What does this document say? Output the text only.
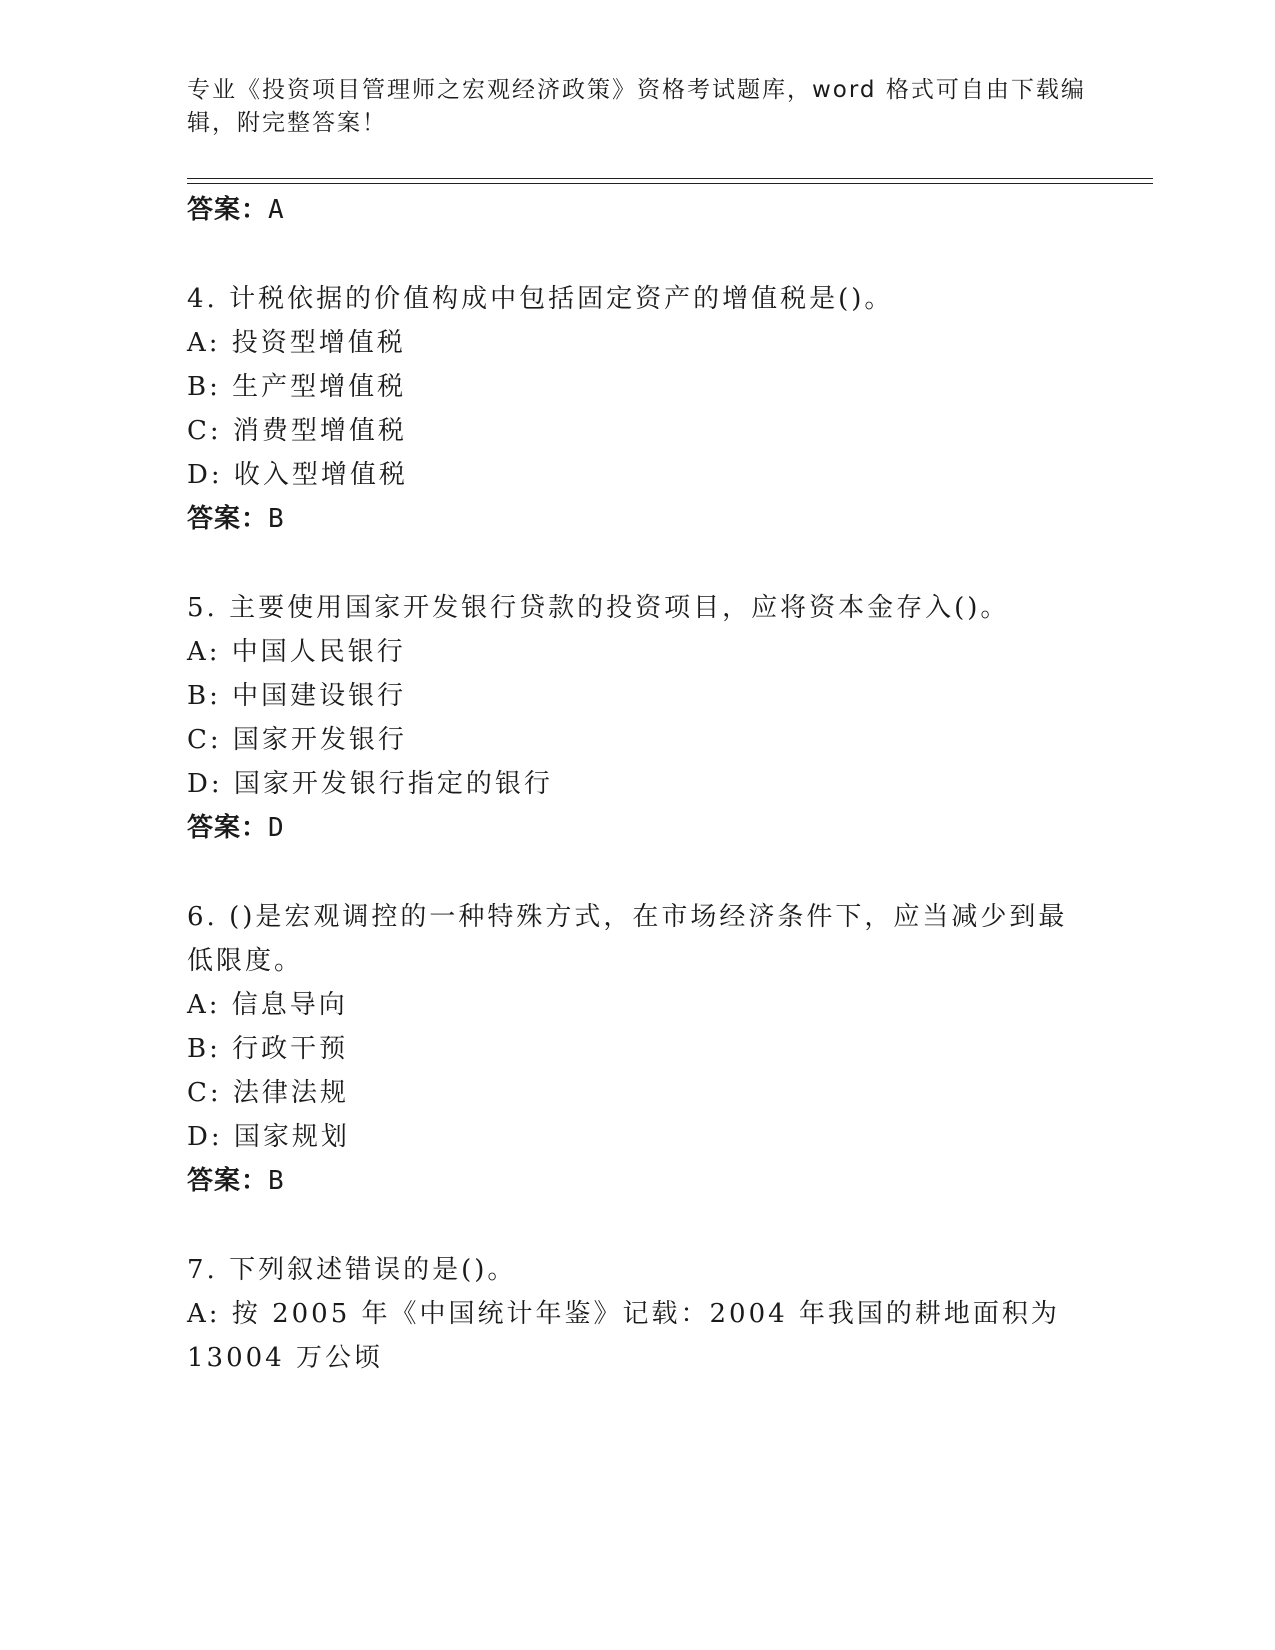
专业《投资项目管理师之宏观经济政策》资格考试题库，word 格式可自由下载编
辑，附完整答案！
答案：A
4. 计税依据的价值构成中包括固定资产的增值税是()。
A: 投资型增值税
B: 生产型增值税
C: 消费型增值税
D: 收入型增值税
答案：B
5. 主要使用国家开发银行贷款的投资项目，应将资本金存入()。
A: 中国人民银行
B: 中国建设银行
C: 国家开发银行
D: 国家开发银行指定的银行
答案：D
6. ()是宏观调控的一种特殊方式，在市场经济条件下，应当减少到最
低限度。
A: 信息导向
B: 行政干预
C: 法律法规
D: 国家规划
答案：B
7. 下列叙述错误的是()。
A: 按 2005 年《中国统计年鉴》记载：2004 年我国的耕地面积为
13004 万公顷
